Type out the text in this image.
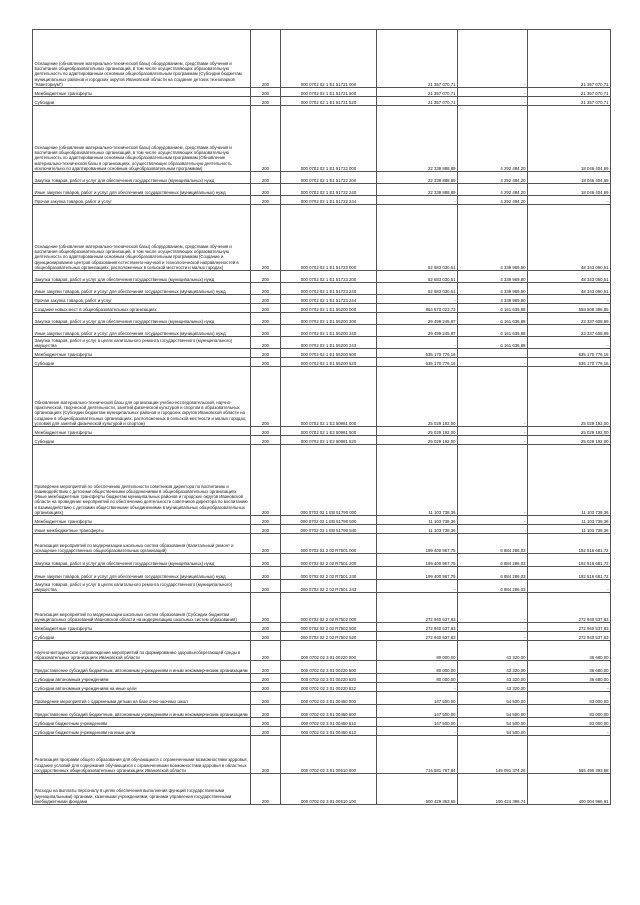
Оснащение (обновление материально-технической базы) оборудованием, средствами обучения и воспитания общеобразовательных организаций, в том числе осуществляющих образовательную деятельность по адаптированным основным общеобразовательным программам (Субсидии бюджетам муниципальных районов и городских округов Ивановской области на создание детских технопарков "Кванториум")	200	000 0702 02 1 E1 51721 000	21 357 070,71	-	21 357 070,71
Межбюджетные трансферты	200	000 0702 02 1 E1 51721 500	21 357 070,71	-	21 357 070,71
Субсидии	200	000 0702 02 1 E1 51721 520	21 357 070,71	-	21 357 070,71
Оснащение (обновление материально-технической базы) оборудованием, средствами обучения и воспитания общеобразовательных организаций, в том числе осуществляющих образовательную деятельность по адаптированным основным общеобразовательным программам (Обновление материально-технической базы в организациях, осуществляющих образовательную деятельность исключительно по адаптированным основным общеобразовательным программам)	200	000 0702 02 1 E1 51722 000	22 338 888,89	4 292 484,20	18 046 404,69
Закупка товаров, работ и услуг для обеспечения государственных (муниципальных) нужд	200	000 0702 02 1 E1 51722 200	22 338 888,89	4 292 484,20	18 046 404,69
Иные закупки товаров, работ и услуг для обеспечения государственных (муниципальных) нужд	200	000 0702 02 1 E1 51722 240	22 338 888,89	4 292 484,20	18 046 404,69
Прочая закупка товаров, работ и услуг	200	000 0702 02 1 E1 51722 244	-	4 292 484,20	-
Оснащение (обновление материально-технической базы) оборудованием, средствами обучения и воспитания общеобразовательных организаций, в том числе осуществляющих образовательную деятельность по адаптированным основным общеобразовательным программам (Создание и функционирование центров образования естественно-научной и технологической направленностей в общеобразовательных организациях, расположенных в сельской местности и малых городах)	200	000 0702 02 1 E1 51723 000	52 683 030,51	4 339 969,80	48 343 060,51
Закупка товаров, работ и услуг для обеспечения государственных (муниципальных) нужд	200	000 0702 02 1 E1 51723 200	52 683 030,51	4 339 969,80	48 343 060,51
Иные закупки товаров, работ и услуг для обеспечения государственных (муниципальных) нужд	200	000 0702 02 1 E1 51723 240	52 683 030,51	4 339 969,80	48 343 060,51
Прочая закупка товаров, работ и услуг	200	000 0702 02 1 E1 51723 244	-	4 339 969,80	-
Создание новых мест в общеобразовательных организациях	200	000 0702 02 1 E1 55200 000	864 670 023,73	6 161 636,88	658 508 386,85
Закупка товаров, работ и услуг для обеспечения государственных (муниципальных) нужд	200	000 0702 02 1 E1 55200 200	29 499 245,87	6 161 636,88	23 337 608,99
Иные закупки товаров, работ и услуг для обеспечения государственных (муниципальных) нужд	200	000 0702 02 1 E1 55200 240	29 499 245,87	6 161 636,88	23 337 608,99
Закупка товаров, работ и услуг в целях капитального ремонта государственного (муниципального) имущества	200	000 0702 02 1 E1 55200 243	-	6 161 636,88	-
Межбюджетные трансферты	200	000 0702 02 1 E1 55200 500	635 170 776,16	-	635 170 776,16
Субсидии	200	000 0702 02 1 E1 55200 520	635 170 776,16	-	635 170 776,16
Обновление материально-технической базы для организации учебно-исследовательской, научно-практической, творческой деятельности, занятий физической культурой и спортом в образовательных организациях (Субсидии бюджетам муниципальных районов и городских округов Ивановской области на создание в общеобразовательных организациях, расположенных в сельской местности и малых городах, условий для занятий физической культурой и спортом)	200	000 0702 02 1 E2 50981 000	25 029 192,00	-	25 029 192,00
Межбюджетные трансферты	200	000 0702 02 1 E2 50981 500	25 029 192,00	-	25 029 192,00
Субсидии	200	000 0702 02 1 E2 50981 520	25 029 192,00	-	25 029 192,00
Проведение мероприятий по обеспечению деятельности советников директора по воспитанию и взаимодействию с детскими общественными объединениями в общеобразовательных организациях (Иные межбюджетные трансферты бюджетам муниципальных районов и городских округов Ивановской области на проведение мероприятий по обеспечению деятельности советников директора по воспитанию и взаимодействию с детскими общественными объединениями в муниципальных общеобразовательных организациях)	200	000 0702 02 1 EB 51790 000	11 103 738,36	-	11 103 738,36
Межбюджетные трансферты	200	000 0702 02 1 EB 51790 500	11 103 738,36	-	11 103 738,36
Иные межбюджетные трансферты	200	000 0702 02 1 EB 51790 540	11 103 738,36	-	11 103 738,36
Реализация мероприятий по модернизации школьных систем образования (Капитальный ремонт и оснащение государственных общеобразовательных организаций)	200	000 0702 02 2 02 R7501 000	199 400 967,75	6 884 286,03	192 516 681,72
Закупка товаров, работ и услуг для обеспечения государственных (муниципальных) нужд	200	000 0702 02 2 02 R7501 200	199 400 967,75	6 884 286,03	192 516 681,72
Иные закупки товаров, работ и услуг для обеспечения государственных (муниципальных) нужд	200	000 0702 02 2 02 R7501 240	199 400 967,75	6 884 286,03	192 516 681,72
Закупка товаров, работ и услуг в целях капитального ремонта государственного (муниципального) имущества	200	000 0702 02 2 02 R7501 243	-	6 884 286,03	-
Реализация мероприятий по модернизации школьных систем образования (Субсидии бюджетам муниципальных образований Ивановской области на модернизацию школьных систем образования)	200	000 0702 02 2 02 R7502 000	272 940 537,83	-	272 940 537,83
Межбюджетные трансферты	200	000 0702 02 2 02 R7502 500	272 940 537,83	-	272 940 537,83
Субсидии	200	000 0702 02 2 02 R7502 520	272 940 537,83	-	272 940 537,83
Научно-методическое сопровождение мероприятий по формированию здоровьесберегающей среды в образовательных организациях Ивановской области	200	000 0702 02 3 01 00220 000	80 000,00	43 320,00	36 680,00
Предоставление субсидий бюджетным, автономным учреждениям и иным некоммерческим организациям	200	000 0702 02 3 01 00220 600	80 000,00	43 320,00	36 680,00
Субсидии автономным учреждениям	200	000 0702 02 3 01 00220 620	80 000,00	43 320,00	36 680,00
Субсидии автономным учреждениям на иные цели	200	000 0702 02 3 01 00220 622	-	43 320,00	-
Проведение мероприятий с одаренными детьми на базе очно-заочных школ	200	000 0702 02 3 01 00450 000	147 500,00	54 500,00	93 000,00
Предоставление субсидий бюджетным, автономным учреждениям и иным некоммерческим организациям	200	000 0702 02 3 01 00450 600	147 500,00	54 500,00	93 000,00
Субсидии бюджетным учреждениям	200	000 0702 02 3 01 00450 610	147 500,00	54 500,00	93 000,00
Субсидии бюджетным учреждениям на иные цели	200	000 0702 02 3 01 00450 612	-	54 500,00	-
Реализация программ общего образования для обучающихся с ограниченными возможностями здоровья, создание условий для содержания обучающихся с ограниченными возможностями здоровья в областных государственных общеобразовательных организациях Ивановской области	200	000 0702 02 3 01 00510 000	714 581 767,84	149 091 374,26	565 490 393,58
Расходы на выплаты персоналу в целях обеспечения выполнения функций государственными (муниципальными) органами, казенными учреждениями, органами управления государственными внебюджетными фондами	200	000 0702 02 3 01 00510 100	500 429 363,65	100 424 396,74	400 004 966,91
